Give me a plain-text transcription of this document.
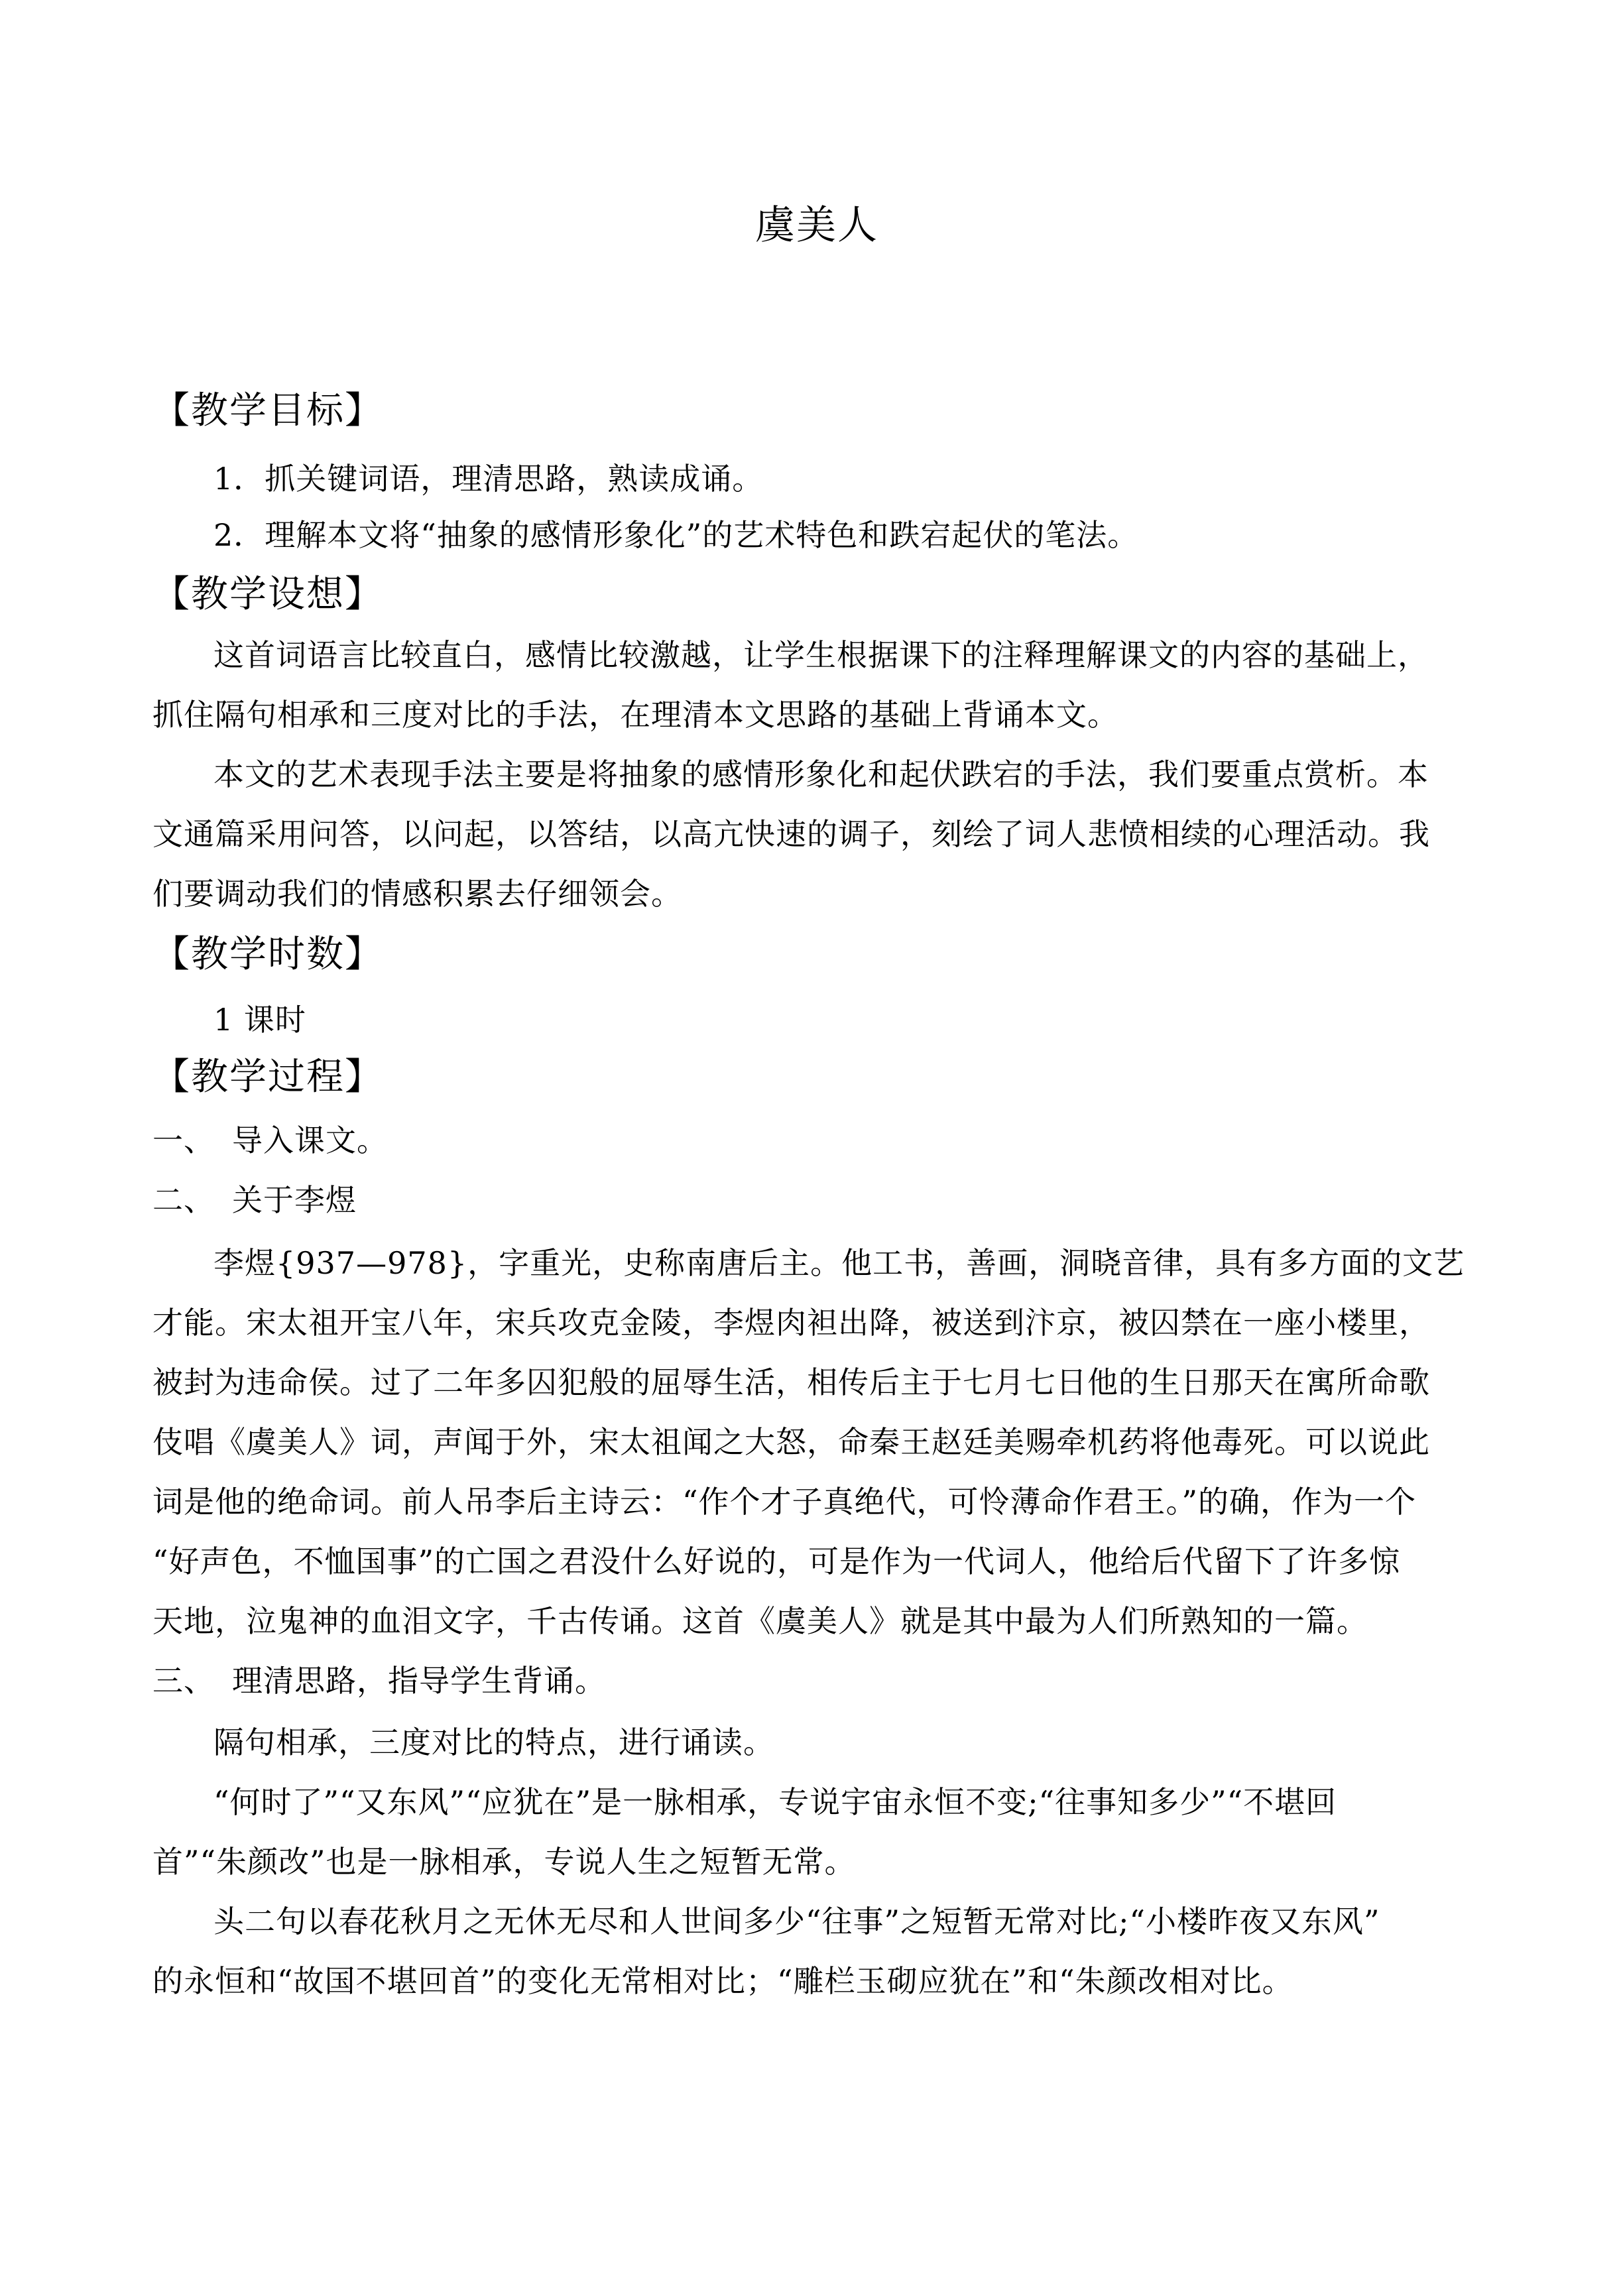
虞美人
【教学目标】
1．抓关键词语，理清思路，熟读成诵。
2．理解本文将“抽象的感情形象化”的艺术特色和跌宕起伏的笔法。
【教学设想】
这首词语言比较直白，感情比较激越，让学生根据课下的注释理解课文的内容的基础上，
抓住隔句相承和三度对比的手法，在理清本文思路的基础上背诵本文。
本文的艺术表现手法主要是将抽象的感情形象化和起伏跌宕的手法，我们要重点赏析。本
文通篇采用问答，以问起，以答结，以高亢快速的调子，刻绘了词人悲愤相续的心理活动。我
们要调动我们的情感积累去仔细领会。
【教学时数】
1 课时
【教学过程】
一、 导入课文。
二、 关于李煜
李煜{937—978}，字重光，史称南唐后主。他工书，善画，洞晓音律，具有多方面的文艺
才能。宋太祖开宝八年，宋兵攻克金陵，李煜肉袒出降，被送到汴京，被囚禁在一座小楼里，
被封为违命侯。过了二年多囚犯般的屈辱生活，相传后主于七月七日他的生日那天在寓所命歌
伎唱《虞美人》词，声闻于外，宋太祖闻之大怒，命秦王赵廷美赐牵机药将他毒死。可以说此
词是他的绝命词。前人吊李后主诗云：“作个才子真绝代，可怜薄命作君王。”的确，作为一个
“好声色，不恤国事”的亡国之君没什么好说的，可是作为一代词人，他给后代留下了许多惊
天地，泣鬼神的血泪文字，千古传诵。这首《虞美人》就是其中最为人们所熟知的一篇。
三、 理清思路，指导学生背诵。
隔句相承，三度对比的特点，进行诵读。
“何时了”“又东风”“应犹在”是一脉相承，专说宇宙永恒不变;“往事知多少”“不堪回
首”“朱颜改”也是一脉相承，专说人生之短暂无常。
头二句以春花秋月之无休无尽和人世间多少“往事”之短暂无常对比;“小楼昨夜又东风”
的永恒和“故国不堪回首”的变化无常相对比；“雕栏玉砌应犹在”和“朱颜改相对比。
